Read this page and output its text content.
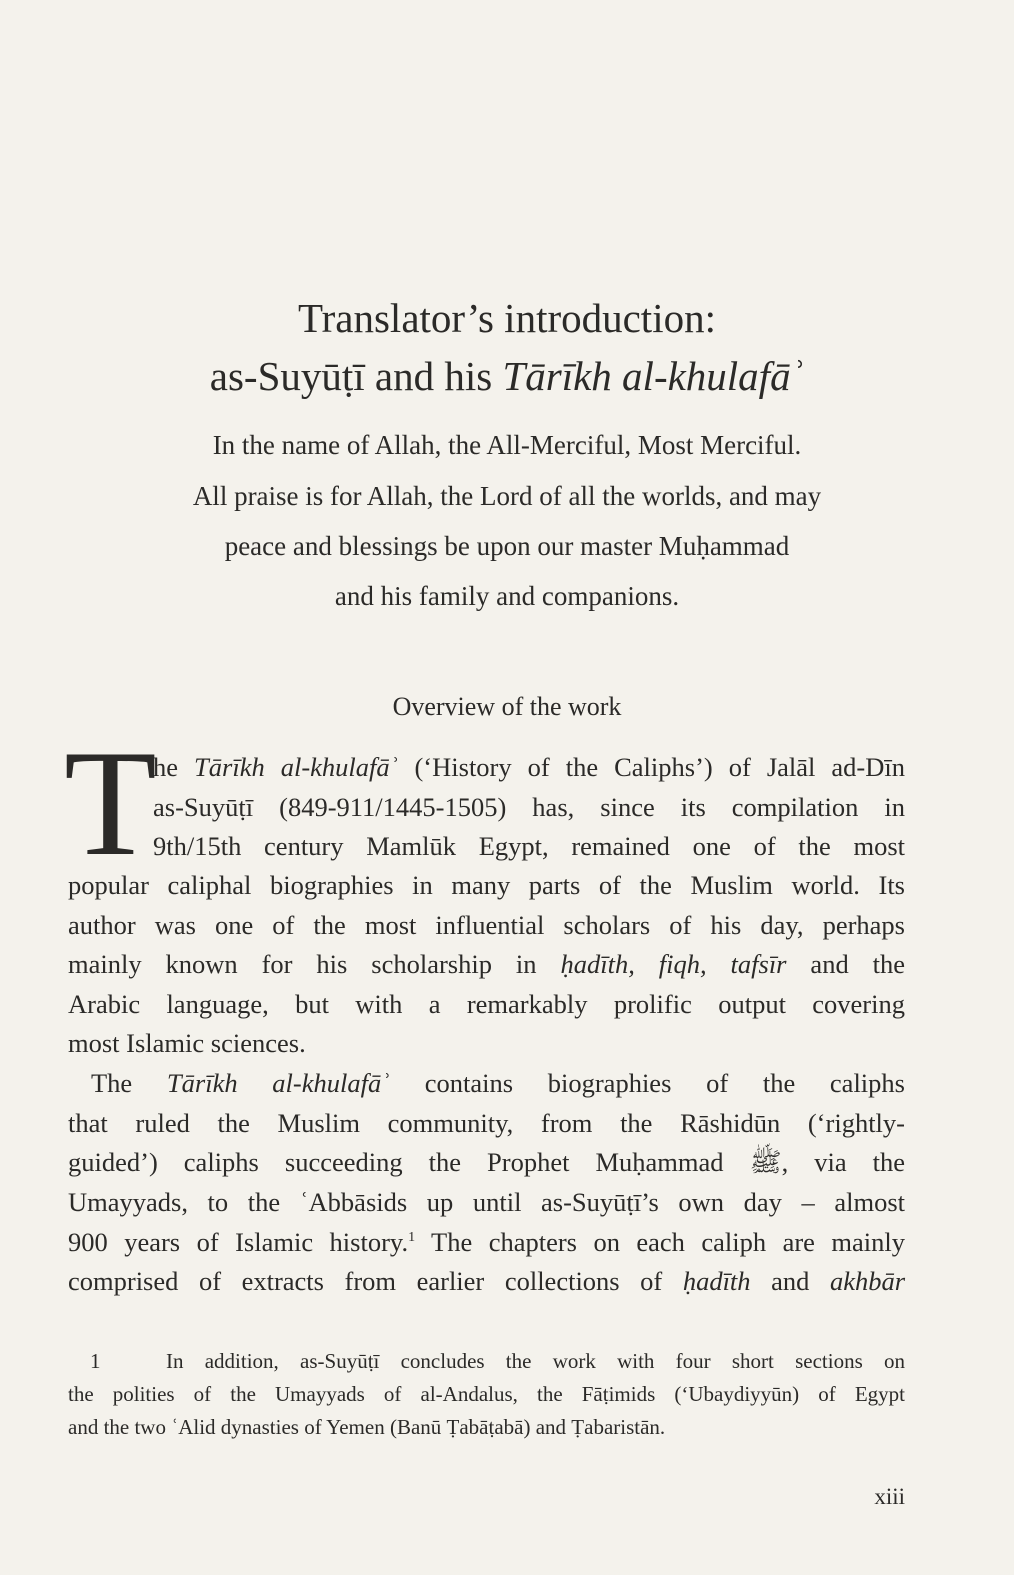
Translator’s introduction:
as-Suyūṭī and his Tārīkh al-khulafāʾ
In the name of Allah, the All-Merciful, Most Merciful.
All praise is for Allah, the Lord of all the worlds, and may
peace and blessings be upon our master Muḥammad
and his family and companions.
Overview of the work
T
he Tārīkh al-khulafāʾ (‘History of the Caliphs’) of Jalāl ad-Dīn
as-Suyūṭī (849-911/1445-1505) has, since its compilation in
9th/15th century Mamlūk Egypt, remained one of the most
popular caliphal biographies in many parts of the Muslim world. Its
author was one of the most influential scholars of his day, perhaps
mainly known for his scholarship in ḥadīth, fiqh, tafsīr and the
Arabic language, but with a remarkably prolific output covering
most Islamic sciences.
The Tārīkh al-khulafāʾ contains biographies of the caliphs
that ruled the Muslim community, from the Rāshidūn (‘rightly-
guided’) caliphs succeeding the Prophet Muḥammad ﷺ, via the
Umayyads, to the ʿAbbāsids up until as-Suyūṭī’s own day – almost
900 years of Islamic history.$^1$ The chapters on each caliph are mainly
comprised of extracts from earlier collections of ḥadīth and akhbār
1	In addition, as-Suyūṭī concludes the work with four short sections on
the polities of the Umayyads of al-Andalus, the Fāṭimids (‘Ubaydiyyūn) of Egypt
and the two ʿAlid dynasties of Yemen (Banū Ṭabāṭabā) and Ṭabaristān.
xiii
